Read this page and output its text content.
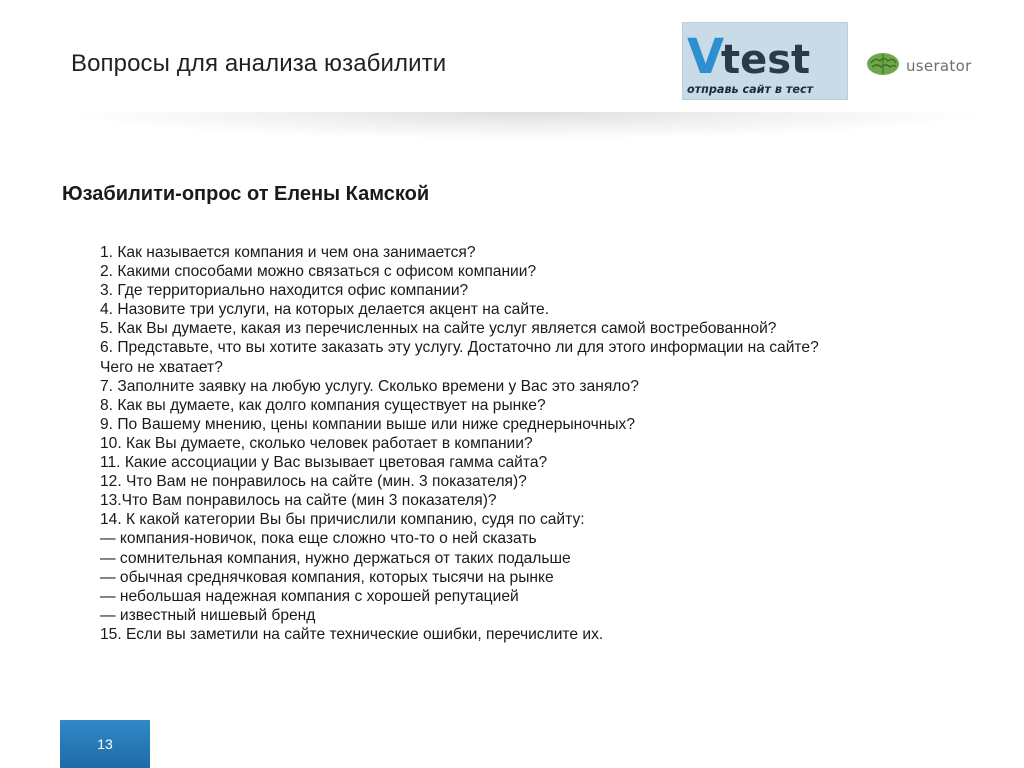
Вопросы для анализа юзабилити	V
test
отправь сайт в тест
userator
Юзабилити-опрос от Елены Камской
1. Как называется компания и чем она занимается?
2. Какими способами можно связаться с офисом компании?
3. Где территориально находится офис компании?
4. Назовите три услуги, на которых делается акцент на сайте.
5. Как Вы думаете, какая из перечисленных на сайте услуг является самой востребованной?
6. Представьте, что вы хотите заказать эту услугу. Достаточно ли для этого информации на сайте?
Чего не хватает?
7. Заполните заявку на любую услугу. Сколько времени у Вас это заняло?
8. Как вы думаете, как долго компания существует на рынке?
9. По Вашему мнению, цены компании выше или ниже среднерыночных?
10. Как Вы думаете, сколько человек работает в компании?
11. Какие ассоциации у Вас вызывает цветовая гамма сайта?
12. Что Вам не понравилось на сайте (мин. 3 показателя)?
13.Что Вам понравилось на сайте (мин 3 показателя)?
14. К какой категории Вы бы причислили компанию, судя по сайту:
— компания-новичок, пока еще сложно что-то о ней сказать
— сомнительная компания, нужно держаться от таких подальше
— обычная среднячковая компания, которых тысячи на рынке
— небольшая надежная компания с хорошей репутацией
— известный нишевый бренд
15. Если вы заметили на сайте технические ошибки, перечислите их.
13
